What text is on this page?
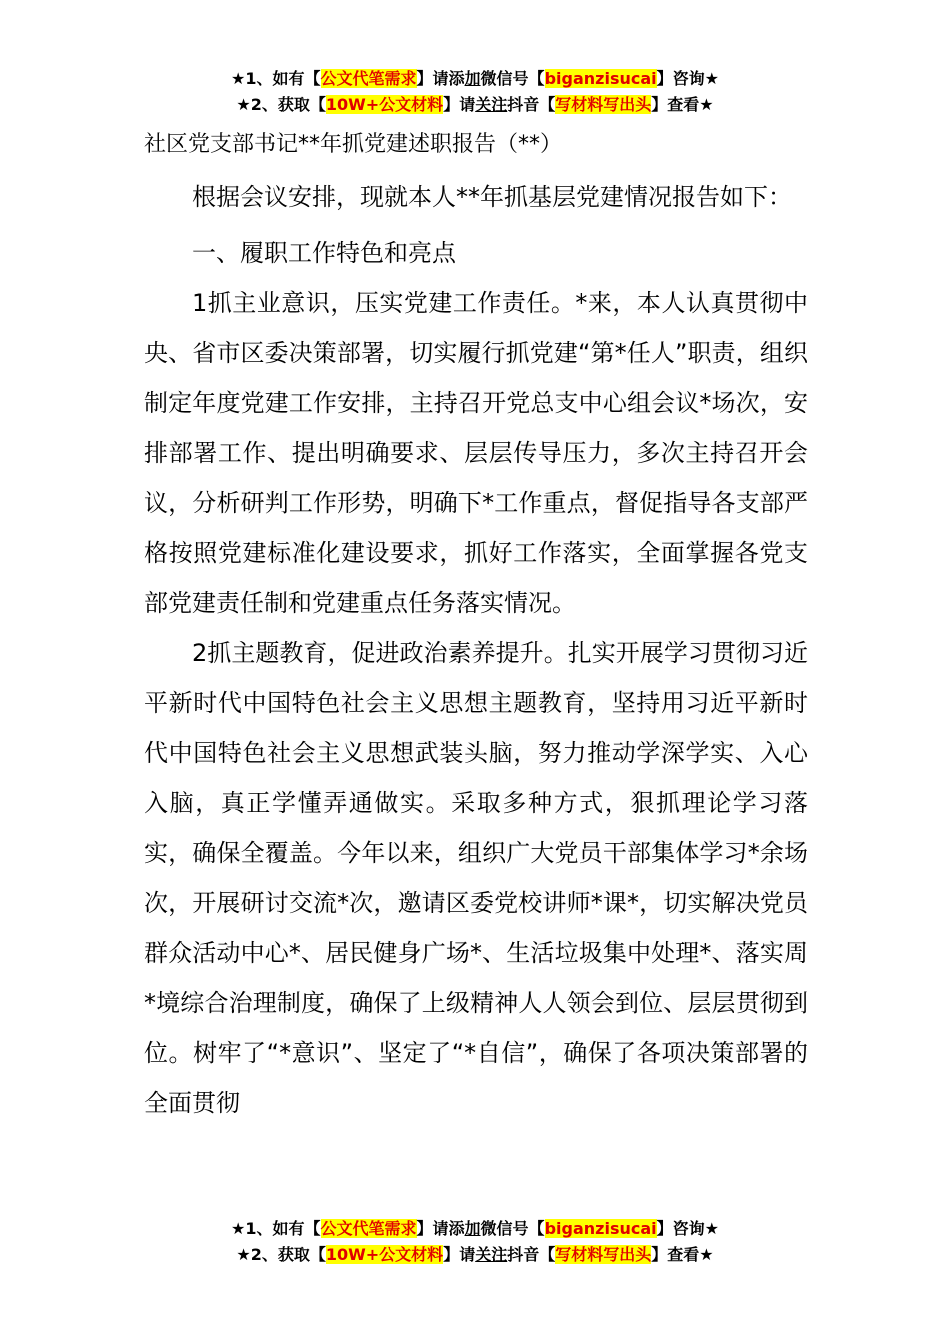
★1、如有【公文代笔需求】请添加微信号【biganzisucai】咨询★
★2、获取【10W+公文材料】请关注抖音【写材料写出头】查看★
社区党支部书记**年抓党建述职报告（**）

根据会议安排，现就本人**年抓基层党建情况报告如下：

一、履职工作特色和亮点

1抓主业意识，压实党建工作责任。*来，本人认真贯彻中央、省市区委决策部署，切实履行抓党建“第*任人”职责，组织制定年度党建工作安排，主持召开党总支中心组会议*场次，安排部署工作、提出明确要求、层层传导压力，多次主持召开会议，分析研判工作形势，明确下*工作重点，督促指导各支部严格按照党建标准化建设要求，抓好工作落实，全面掌握各党支部党建责任制和党建重点任务落实情况。

2抓主题教育，促进政治素养提升。扎实开展学习贯彻习近平新时代中国特色社会主义思想主题教育，坚持用习近平新时代中国特色社会主义思想武装头脑，努力推动学深学实、入心入脑，真正学懂弄通做实。采取多种方式，狠抓理论学习落实，确保全覆盖。今年以来，组织广大党员干部集体学习*余场次，开展研讨交流*次，邀请区委党校讲师*课*，切实解决党员群众活动中心*、居民健身广场*、生活垃圾集中处理*、落实周*境综合治理制度，确保了上级精神人人领会到位、层层贯彻到位。树牢了“*意识”、坚定了“*自信”，确保了各项决策部署的全面贯彻

★1、如有【公文代笔需求】请添加微信号【biganzisucai】咨询★
★2、获取【10W+公文材料】请关注抖音【写材料写出头】查看★
